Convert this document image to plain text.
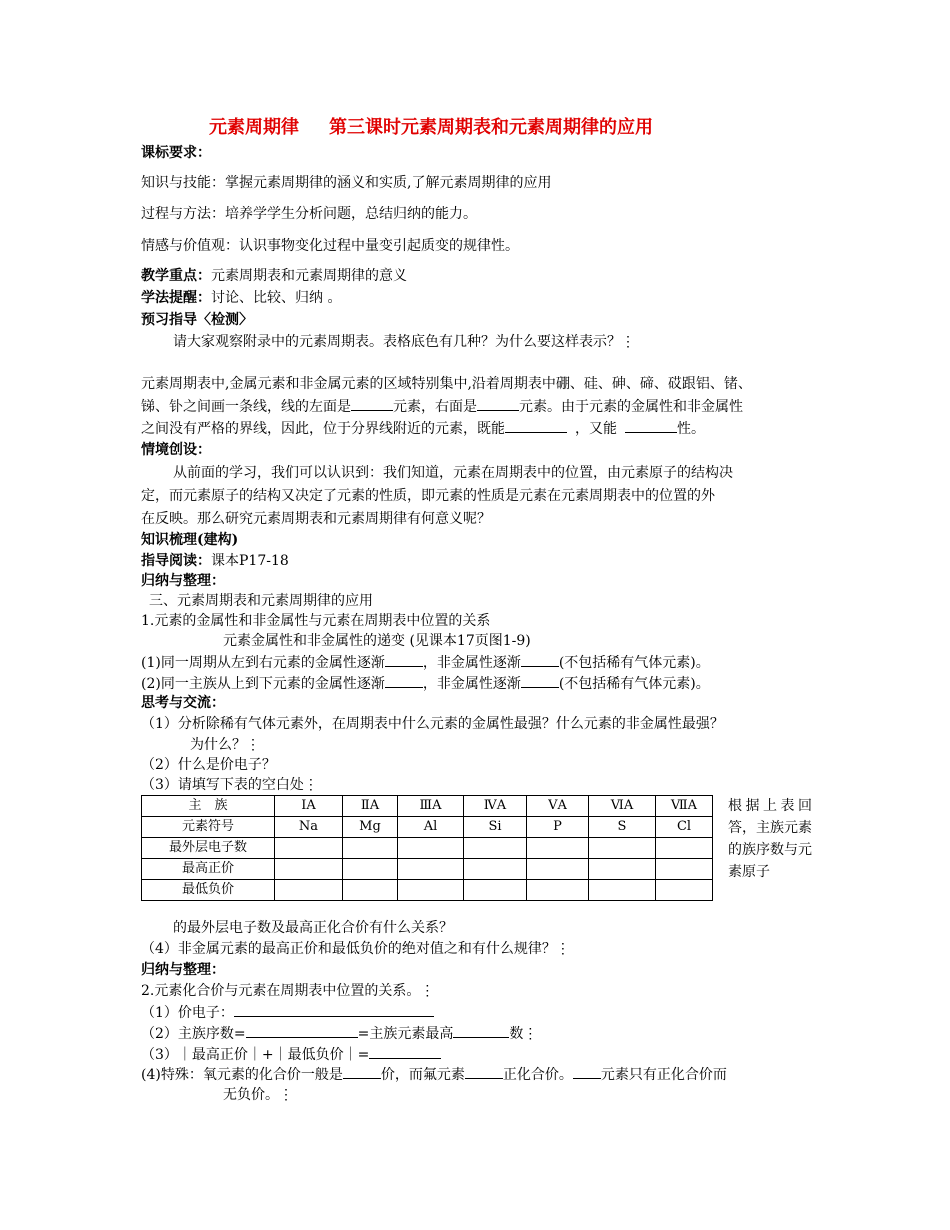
元素周期律 第三课时元素周期表和元素周期律的应用
课标要求：
知识与技能：掌握元素周期律的涵义和实质,了解元素周期律的应用
过程与方法：培养学学生分析问题，总结归纳的能力。
情感与价值观：认识事物变化过程中量变引起质变的规律性。
教学重点：元素周期表和元素周期律的意义
学法提醒：讨论、比较、归纳 。
预习指导〈检测〉
请大家观察附录中的元素周期表。表格底色有几种？为什么要这样表示？⋮
元素周期表中,金属元素和非金属元素的区域特别集中,沿着周期表中硼、硅、砷、碲、砹跟铝、锗、
锑、钋之间画一条线，线的左面是	元素，右面是	元素。由于元素的金属性和非金属性
之间没有严格的界线，因此，位于分界线附近的元素，既能	，又能	性。
情境创设：
从前面的学习，我们可以认识到：我们知道，元素在周期表中的位置，由元素原子的结构决
定，而元素原子的结构又决定了元素的性质，即元素的性质是元素在元素周期表中的位置的外
在反映。那么研究元素周期表和元素周期律有何意义呢？
知识梳理(建构)
指导阅读：课本P17-18
归纳与整理：
三、元素周期表和元素周期律的应用
1.元素的金属性和非金属性与元素在周期表中位置的关系
元素金属性和非金属性的递变 (见课本17页图1-9)
(1)同一周期从左到右元素的金属性逐渐	，非金属性逐渐	(不包括稀有气体元素)。
(2)同一主族从上到下元素的金属性逐渐	，非金属性逐渐	(不包括稀有气体元素)。
思考与交流：
（1）分析除稀有气体元素外，在周期表中什么元素的金属性最强？什么元素的非金属性最强？
为什么？⋮
（2）什么是价电子？
（3）请填写下表的空白处⋮
主　族	ⅠA	ⅡA	ⅢA	ⅣA	ⅤA	ⅥA	ⅦA
元素符号	Na	Mg	Al	Si	P	S	Cl
最外层电子数							
最高正价							
最低负价							
根据上表回答，主族元素的族序数与元素原子
的最外层电子数及最高正化合价有什么关系？
（4）非金属元素的最高正价和最低负价的绝对值之和有什么规律？⋮
归纳与整理：
2.元素化合价与元素在周期表中位置的关系。⋮
（1）价电子：
（2）主族序数=	=主族元素最高	数⋮
（3）｜最高正价｜+｜最低负价｜=
(4)特殊：氧元素的化合价一般是	价，而氟元素	正化合价。 元素只有正化合价而
无负价。⋮
